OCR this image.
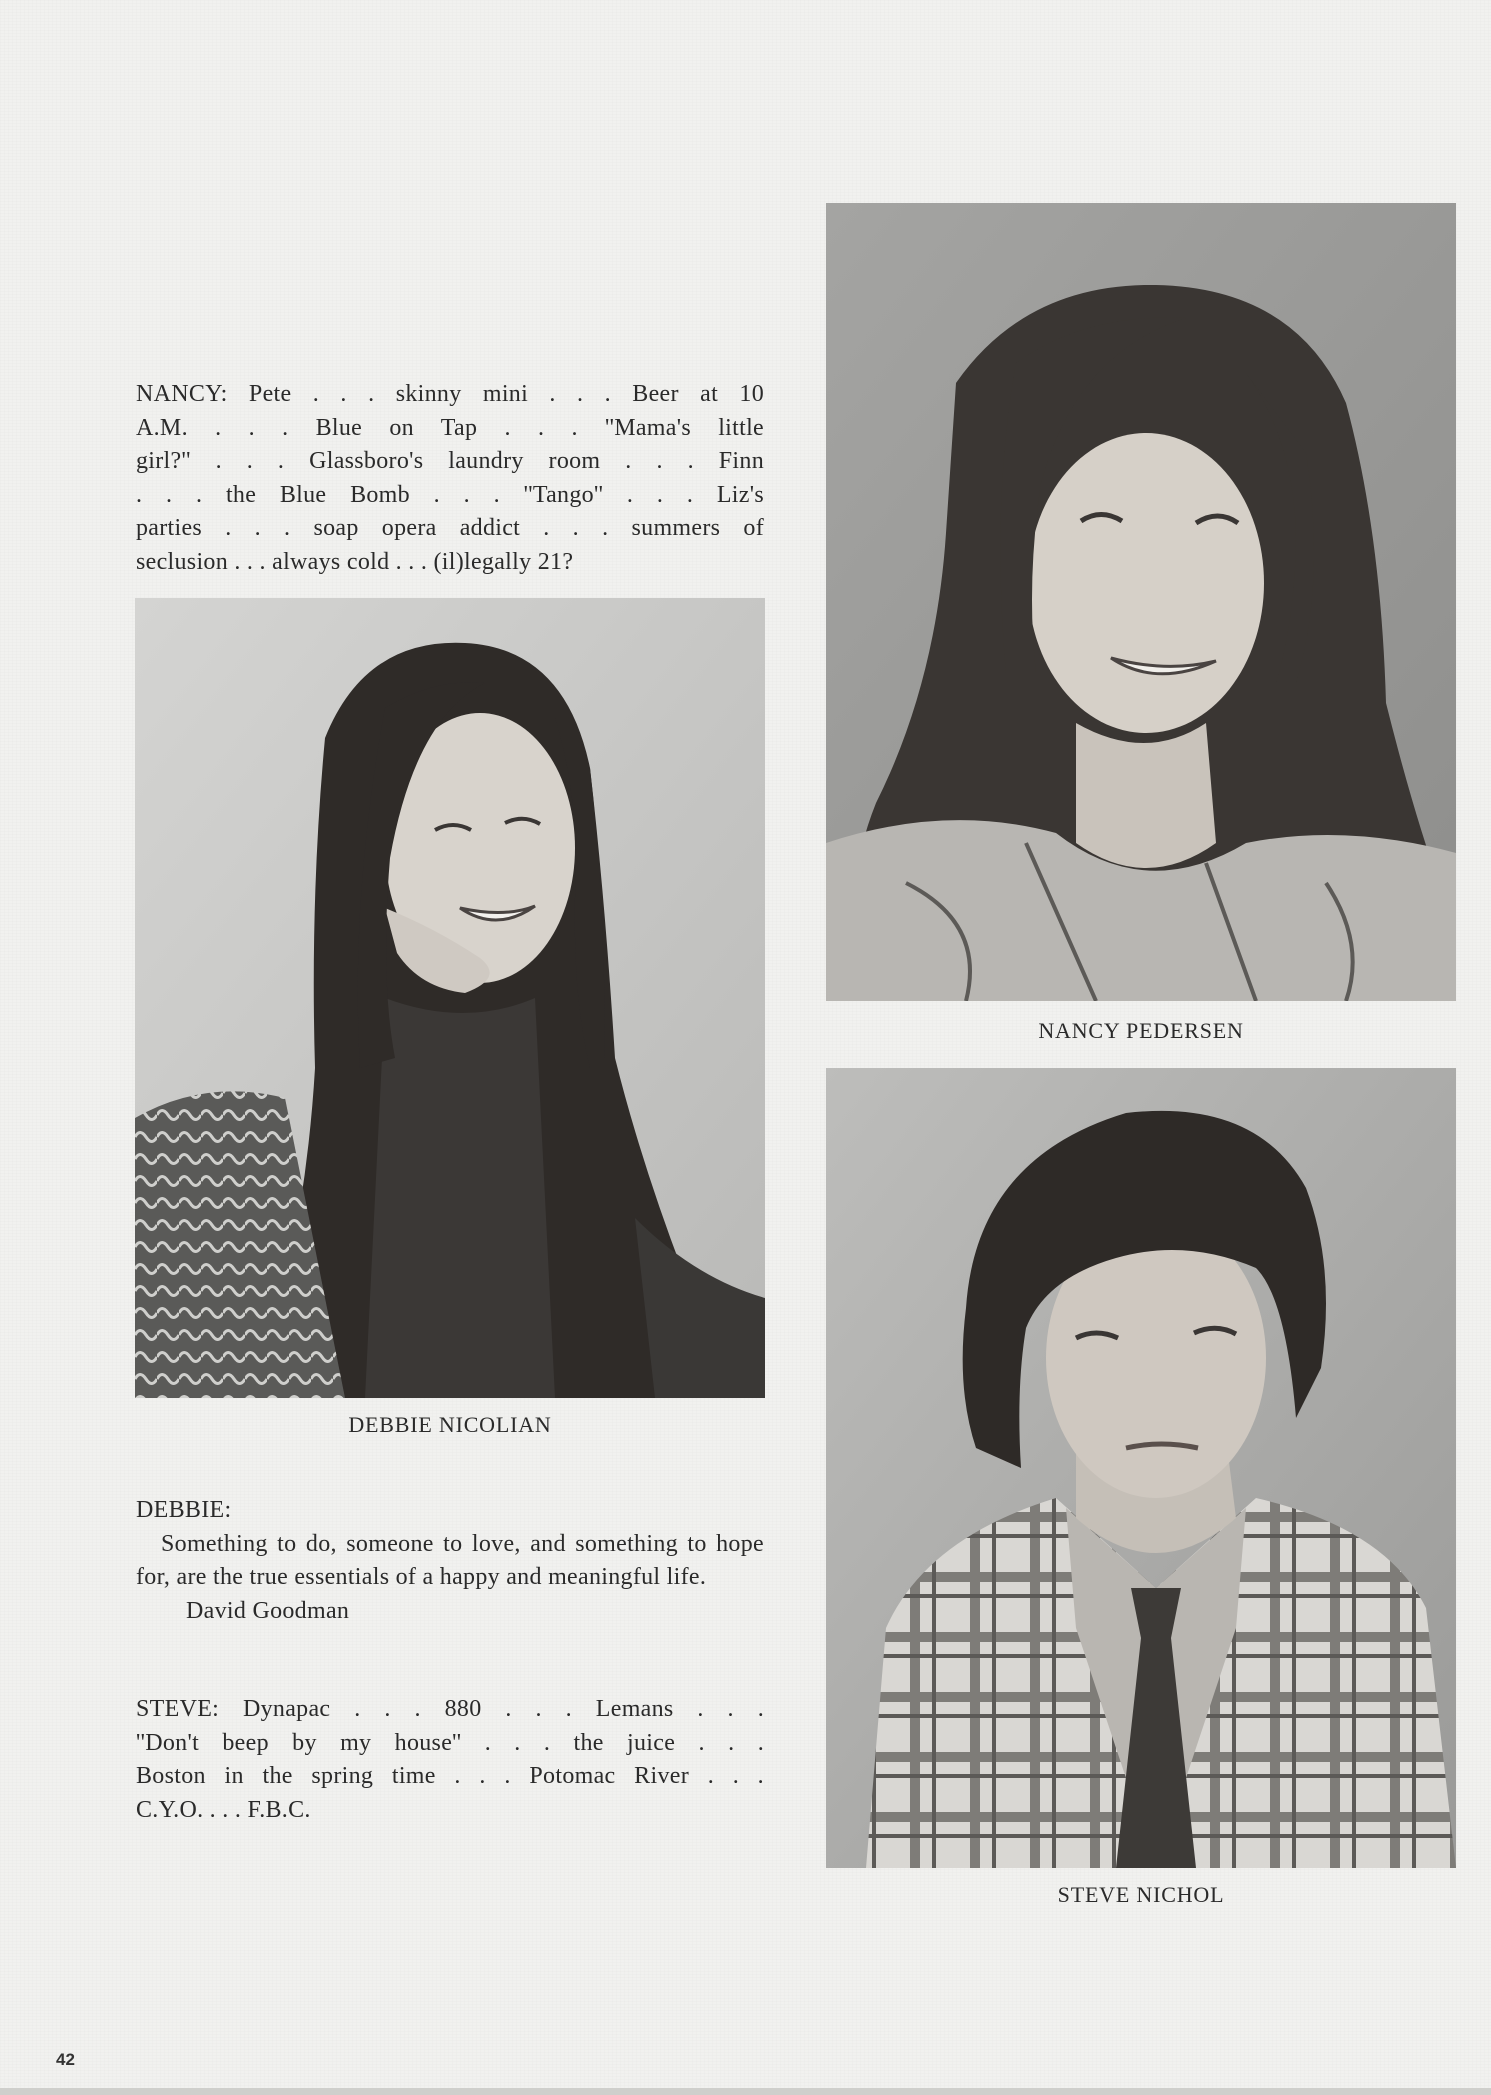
NANCY: Pete . . . skinny mini . . . Beer at 10
A.M. . . . Blue on Tap . . . ''Mama's little
girl?'' . . . Glassboro's laundry room . . . Finn
. . . the Blue Bomb . . . ''Tango'' . . . Liz's
parties . . . soap opera addict . . . summers of
seclusion . . . always cold . . . (il)legally 21?
DEBBIE NICOLIAN
DEBBIE:
Something to do, someone to love, and something to hope for, are the true essentials of a happy and meaningful life.
David Goodman
STEVE: Dynapac . . . 880 . . . Lemans . . .
''Don't beep by my house'' . . . the juice . . .
Boston in the spring time . . . Potomac River . . .
C.Y.O. . . . F.B.C.
NANCY PEDERSEN
STEVE NICHOL
42
